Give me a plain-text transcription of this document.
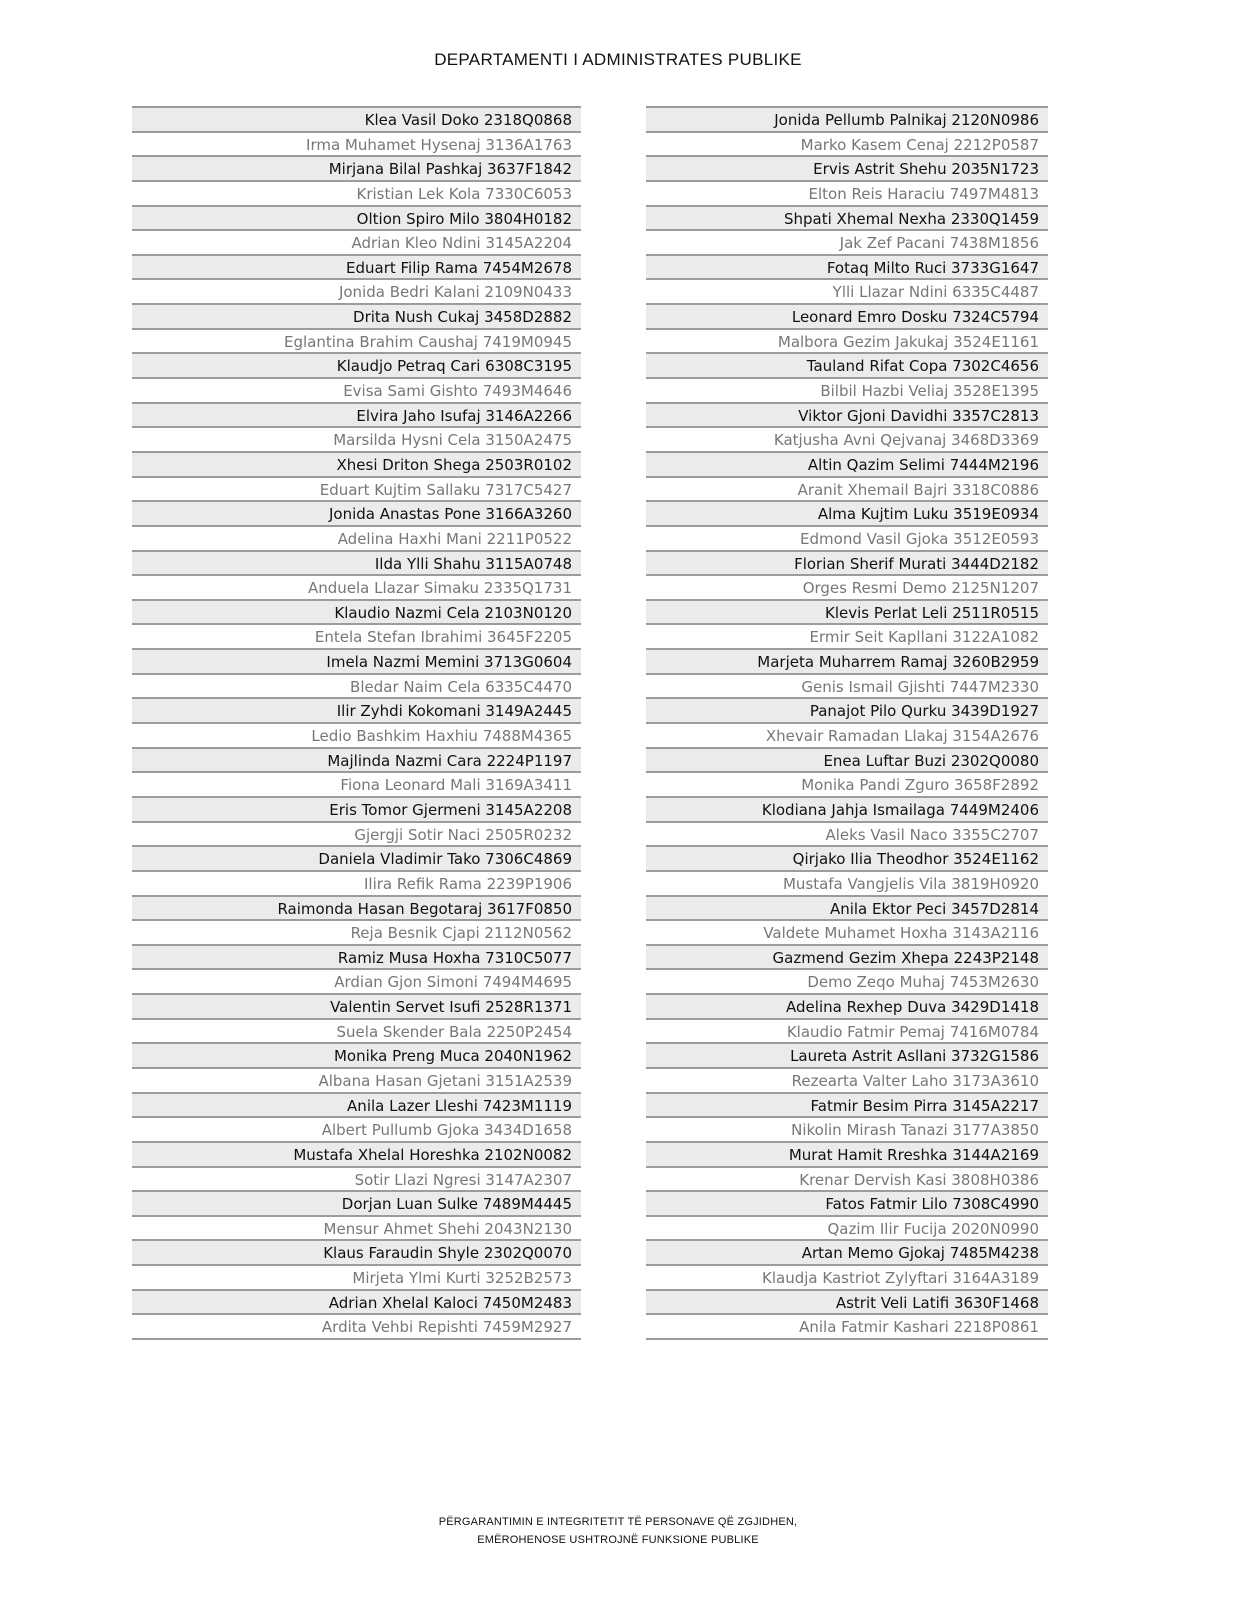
DEPARTAMENTI I ADMINISTRATES PUBLIKE
Klea Vasil Doko 2318Q0868
Irma Muhamet Hysenaj 3136A1763
Mirjana Bilal Pashkaj 3637F1842
Kristian Lek Kola 7330C6053
Oltion Spiro Milo 3804H0182
Adrian Kleo Ndini 3145A2204
Eduart Filip Rama 7454M2678
Jonida Bedri Kalani 2109N0433
Drita Nush Cukaj 3458D2882
Eglantina Brahim Caushaj 7419M0945
Klaudjo Petraq Cari 6308C3195
Evisa Sami Gishto 7493M4646
Elvira Jaho Isufaj 3146A2266
Marsilda Hysni Cela 3150A2475
Xhesi Driton Shega 2503R0102
Eduart Kujtim Sallaku 7317C5427
Jonida Anastas Pone 3166A3260
Adelina Haxhi Mani 2211P0522
Ilda Ylli Shahu 3115A0748
Anduela Llazar Simaku 2335Q1731
Klaudio Nazmi Cela 2103N0120
Entela Stefan Ibrahimi 3645F2205
Imela Nazmi Memini 3713G0604
Bledar Naim Cela 6335C4470
Ilir Zyhdi Kokomani 3149A2445
Ledio Bashkim Haxhiu 7488M4365
Majlinda Nazmi Cara 2224P1197
Fiona Leonard Mali 3169A3411
Eris Tomor Gjermeni 3145A2208
Gjergji Sotir Naci 2505R0232
Daniela Vladimir Tako 7306C4869
Ilira Refik Rama 2239P1906
Raimonda Hasan Begotaraj 3617F0850
Reja Besnik Cjapi 2112N0562
Ramiz Musa Hoxha 7310C5077
Ardian Gjon Simoni 7494M4695
Valentin Servet Isufi 2528R1371
Suela Skender Bala 2250P2454
Monika Preng Muca 2040N1962
Albana Hasan Gjetani 3151A2539
Anila Lazer Lleshi 7423M1119
Albert Pullumb Gjoka 3434D1658
Mustafa Xhelal Horeshka 2102N0082
Sotir Llazi Ngresi 3147A2307
Dorjan Luan Sulke 7489M4445
Mensur Ahmet Shehi 2043N2130
Klaus Faraudin Shyle 2302Q0070
Mirjeta Ylmi Kurti 3252B2573
Adrian Xhelal Kaloci 7450M2483
Ardita Vehbi Repishti 7459M2927
Jonida Pellumb Palnikaj 2120N0986
Marko Kasem Cenaj 2212P0587
Ervis Astrit Shehu 2035N1723
Elton Reis Haraciu 7497M4813
Shpati Xhemal Nexha 2330Q1459
Jak Zef Pacani 7438M1856
Fotaq Milto Ruci 3733G1647
Ylli Llazar Ndini 6335C4487
Leonard Emro Dosku 7324C5794
Malbora Gezim Jakukaj 3524E1161
Tauland Rifat Copa 7302C4656
Bilbil Hazbi Veliaj 3528E1395
Viktor Gjoni Davidhi 3357C2813
Katjusha Avni Qejvanaj 3468D3369
Altin Qazim Selimi 7444M2196
Aranit Xhemail Bajri 3318C0886
Alma Kujtim Luku 3519E0934
Edmond Vasil Gjoka 3512E0593
Florian Sherif Murati 3444D2182
Orges Resmi Demo 2125N1207
Klevis Perlat Leli 2511R0515
Ermir Seit Kapllani 3122A1082
Marjeta Muharrem Ramaj 3260B2959
Genis Ismail Gjishti 7447M2330
Panajot Pilo Qurku 3439D1927
Xhevair Ramadan Llakaj 3154A2676
Enea Luftar Buzi 2302Q0080
Monika Pandi Zguro 3658F2892
Klodiana Jahja Ismailaga 7449M2406
Aleks Vasil Naco 3355C2707
Qirjako Ilia Theodhor 3524E1162
Mustafa Vangjelis Vila 3819H0920
Anila Ektor Peci 3457D2814
Valdete Muhamet Hoxha 3143A2116
Gazmend Gezim Xhepa 2243P2148
Demo Zeqo Muhaj 7453M2630
Adelina Rexhep Duva 3429D1418
Klaudio Fatmir Pemaj 7416M0784
Laureta Astrit Asllani 3732G1586
Rezearta Valter Laho 3173A3610
Fatmir Besim Pirra 3145A2217
Nikolin Mirash Tanazi 3177A3850
Murat Hamit Rreshka 3144A2169
Krenar Dervish Kasi 3808H0386
Fatos Fatmir Lilo 7308C4990
Qazim Ilir Fucija 2020N0990
Artan Memo Gjokaj 7485M4238
Klaudja Kastriot Zylyftari 3164A3189
Astrit Veli Latifi 3630F1468
Anila Fatmir Kashari 2218P0861
PËRGARANTIMIN E INTEGRITETIT TË PERSONAVE QË ZGJIDHEN,
EMËROHENOSE USHTROJNË FUNKSIONE PUBLIKE
